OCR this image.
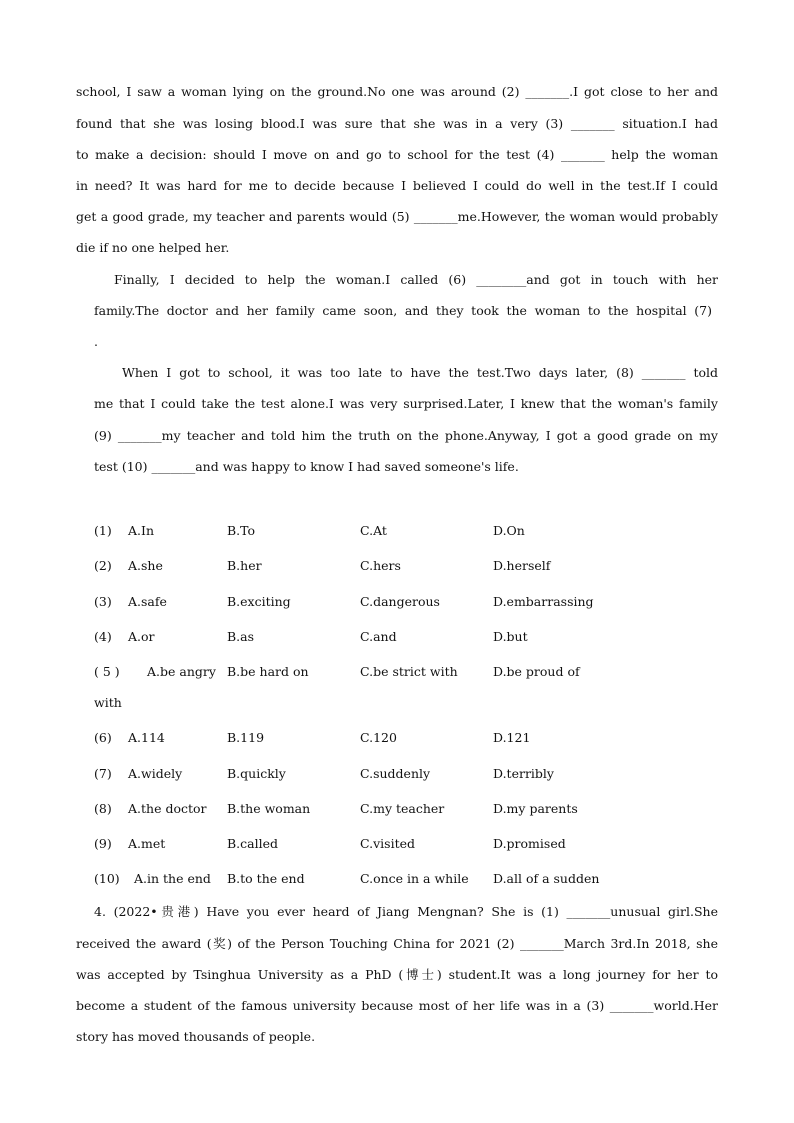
school, I saw a woman lying on the ground.No one was around (2) _______.I got close to her and
found that she was losing blood.I was sure that she was in a very (3) _______ situation.I had
to make a decision: should I move on and go to school for the test (4) _______ help the woman
in need? It was hard for me to decide because I believed I could do well in the test.If I could
get a good grade, my teacher and parents would (5) _______me.However, the woman would probably
die if no one helped her.
Finally, I decided to help the woman.I called (6) ________and got in touch with her
family.The doctor and her family came soon, and they took the woman to the hospital (7)
.
When I got to school, it was too late to have the test.Two days later, (8) _______ told
me that I could take the test alone.I was very surprised.Later, I knew that the woman's family
(9) _______my teacher and told him the truth on the phone.Anyway, I got a good grade on my
test (10) _______and was happy to know I had saved someone's life.
(1) A.In	B.To	C.At	D.On
(2) A.she	B.her	C.hers	D.herself
(3) A.safe	B.exciting	C.dangerous	D.embarrassing
(4) A.or	B.as	C.and	D.but
( 5 ) A.be angry B.be hard on	C.be strict with	D.be proud of
with
(6) A.114	B.119	C.120	D.121
(7) A.widely	B.quickly	C.suddenly	D.terribly
(8) A.the doctor B.the woman	C.my teacher	D.my parents
(9) A.met	B.called	C.visited	D.promised
(10) A.in the end B.to the end	C.once in a while D.all of a sudden
4. (2022•贵港) Have you ever heard of Jiang Mengnan? She is (1) _______unusual girl.She
received the award (奖) of the Person Touching China for 2021 (2) _______March 3rd.In 2018, she
was accepted by Tsinghua University as a PhD (博士) student.It was a long journey for her to
become a student of the famous university because most of her life was in a (3) _______world.Her
story has moved thousands of people.
